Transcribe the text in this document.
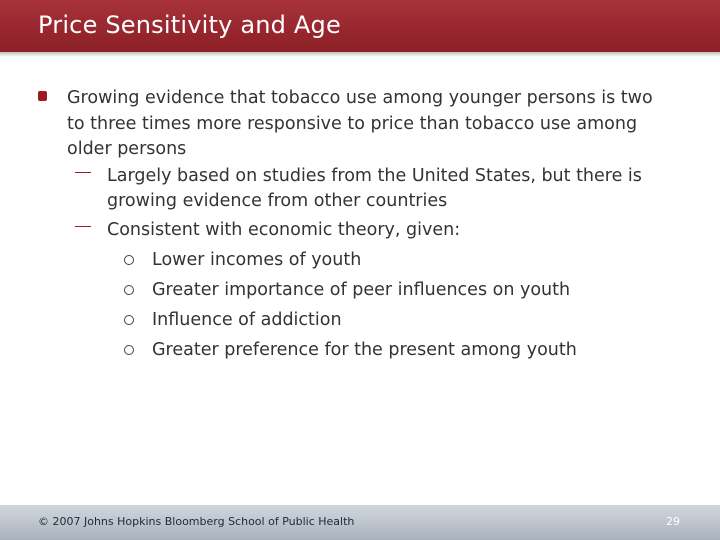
Price Sensitivity and Age
Growing evidence that tobacco use among younger persons is two
to three times more responsive to price than tobacco use among
older persons
Largely based on studies from the United States, but there is
growing evidence from other countries
Consistent with economic theory, given:
Lower incomes of youth
Greater importance of peer influences on youth
Influence of addiction
Greater preference for the present among youth
© 2007 Johns Hopkins Bloomberg School of Public Health	29
